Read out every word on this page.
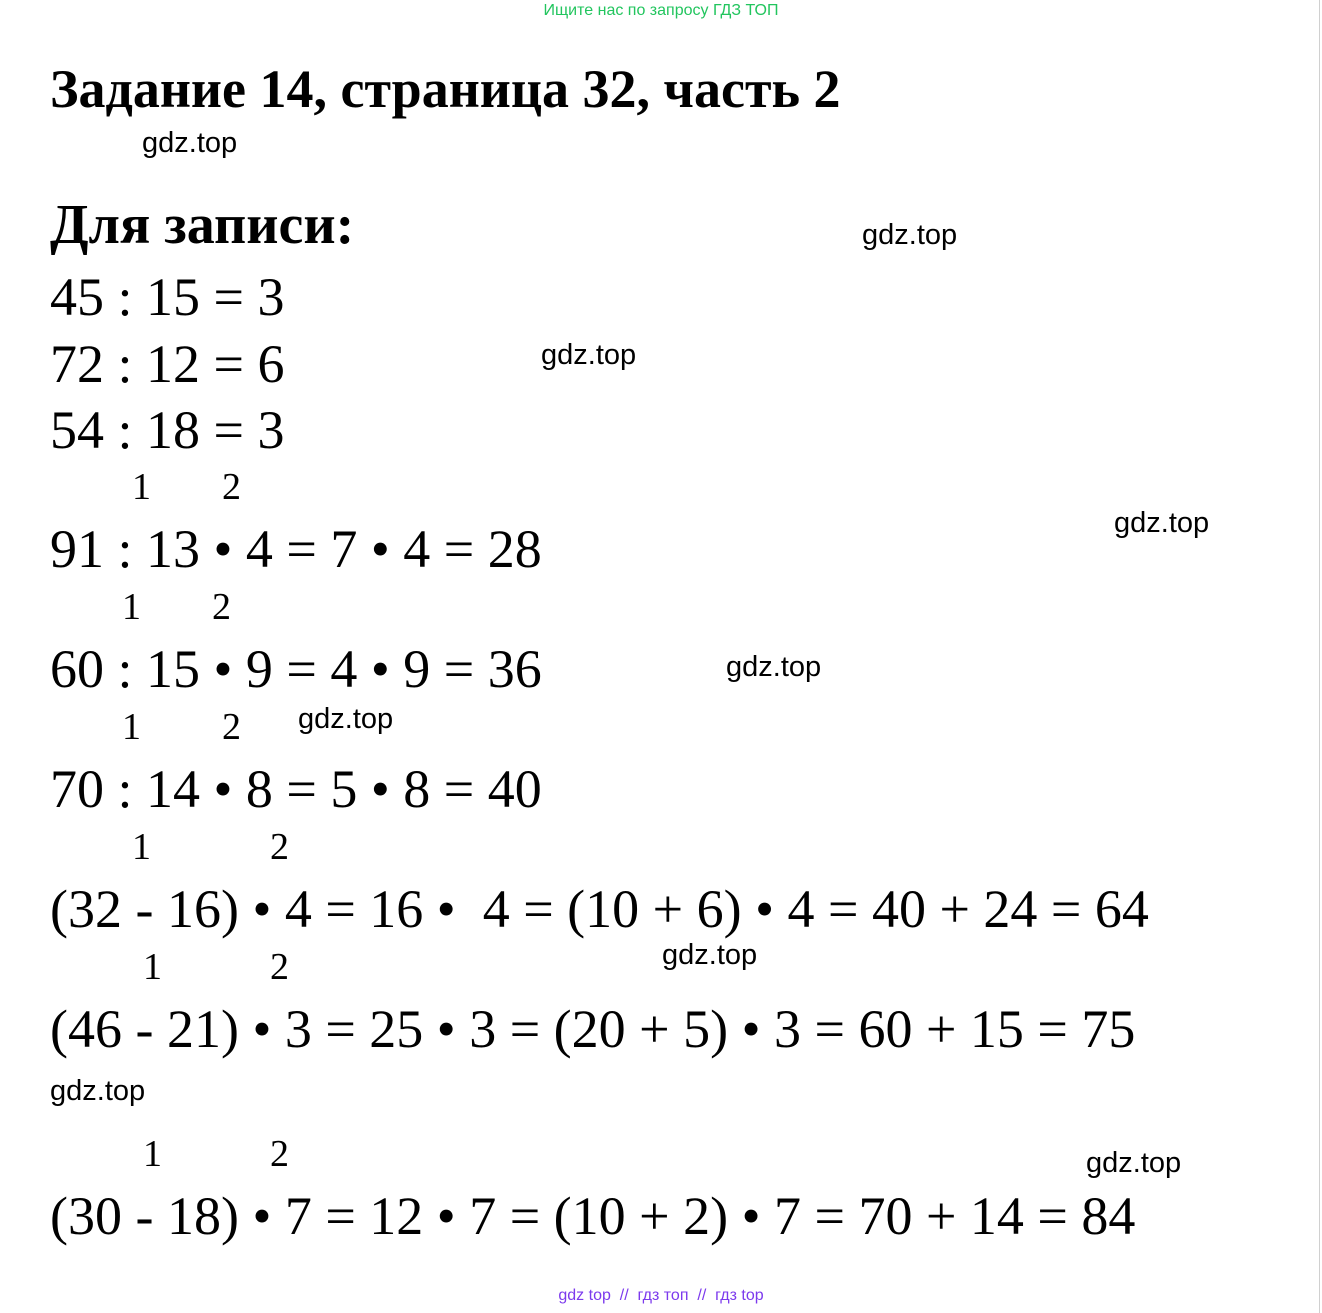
Ищите нас по запросу ГДЗ ТОП
Задание 14, страница 32, часть 2
gdz.top
Для записи:	gdz.top
45 : 15 = 3
72 : 12 = 6	gdz.top
54 : 18 = 3
1 2
gdz.top
91 : 13 • 4 = 7 • 4 = 28
1 2
60 : 15 • 9 = 4 • 9 = 36	gdz.top
1 2 gdz.top
70 : 14 • 8 = 5 • 8 = 40
1	2
(32 - 16) • 4 = 16 •  4 = (10 + 6) • 4 = 40 + 24 = 64
gdz.top
1	2
(46 - 21) • 3 = 25 • 3 = (20 + 5) • 3 = 60 + 15 = 75
gdz.top
1	2	gdz.top
(30 - 18) • 7 = 12 • 7 = (10 + 2) • 7 = 70 + 14 = 84
gdz top  //  гдз топ  //  гдз top
